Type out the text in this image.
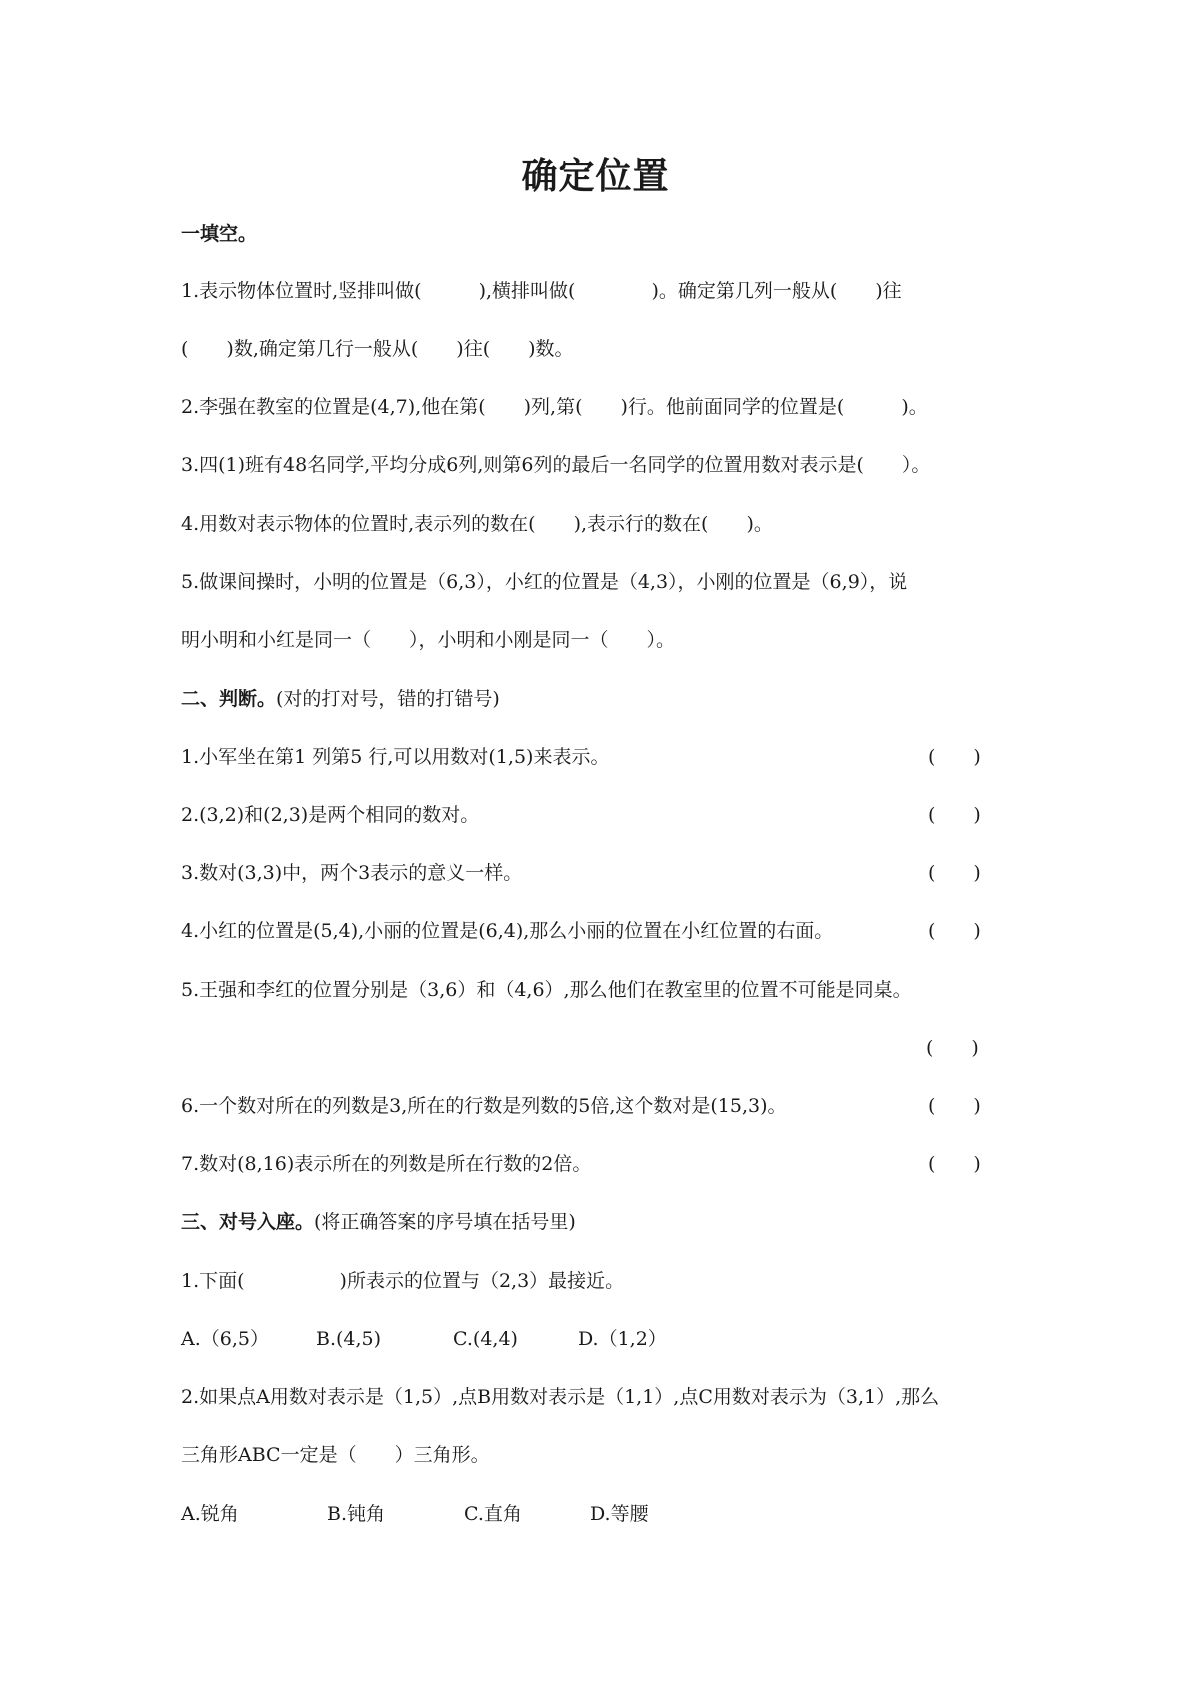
确定位置
一填空。
1.表示物体位置时,竖排叫做(　　　),横排叫做(　　　　)。确定第几列一般从(　　)往
(　　)数,确定第几行一般从(　　)往(　　)数。
2.李强在教室的位置是(4,7),他在第(　　)列,第(　　)行。他前面同学的位置是(　　　)。
3.四(1)班有48名同学,平均分成6列,则第6列的最后一名同学的位置用数对表示是(　　）。
4.用数对表示物体的位置时,表示列的数在(　　),表示行的数在(　　)。
5.做课间操时，小明的位置是（6,3），小红的位置是（4,3），小刚的位置是（6,9），说
明小明和小红是同一（　　），小明和小刚是同一（　　）。
二、判断。(对的打对号，错的打错号)
1.小军坐在第1 列第5 行,可以用数对(1,5)来表示。	(　　)
2.(3,2)和(2,3)是两个相同的数对。	(　　)
3.数对(3,3)中，两个3表示的意义一样。	(　　)
4.小红的位置是(5,4),小丽的位置是(6,4),那么小丽的位置在小红位置的右面。	(　　)
5.王强和李红的位置分别是（3,6）和（4,6）,那么他们在教室里的位置不可能是同桌。
(　　)
6.一个数对所在的列数是3,所在的行数是列数的5倍,这个数对是(15,3)。	(　　)
7.数对(8,16)表示所在的列数是所在行数的2倍。	(　　)
三、对号入座。(将正确答案的序号填在括号里)
1.下面(　　　　　)所表示的位置与（2,3）最接近。
A.（6,5） B.(4,5)	C.(4,4)	D.（1,2）
2.如果点A用数对表示是（1,5）,点B用数对表示是（1,1）,点C用数对表示为（3,1）,那么
三角形ABC一定是（　　）三角形。
A.锐角	B.钝角	C.直角	D.等腰
